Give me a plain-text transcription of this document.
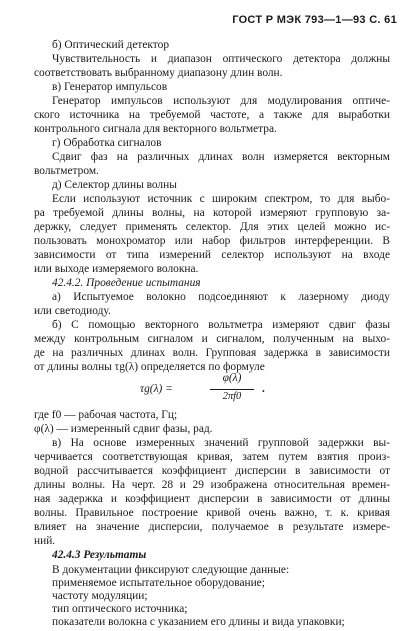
ГОСТ Р МЭК 793—1—93 С. 61

б) Оптический детектор

Чувствительность и диапазон оптического детектора должны

соответствовать выбранному диапазону длин волн.

в) Генератор импульсов

Генератор импульсов используют для модулирования оптиче-

ского источника на требуемой частоте, а также для выработки

контрольного сигнала для векторного вольтметра.

г) Обработка сигналов

Сдвиг фаз на различных длинах волн измеряется векторным

вольтметром.

д) Селектор длины волны

Если используют источник с широким спектром, то для выбо-

ра требуемой длины волны, на которой измеряют групповую за-

держку, следует применять селектор. Для этих целей можно ис-

пользовать монохроматор или набор фильтров интерференции. В

зависимости от типа измерений селектор используют на входе

или выходе измеряемого волокна.

42.4.2. Проведение испытания

а) Испытуемое волокно подсоединяют к лазерному диоду

или светодиоду.

б) С помощью векторного вольтметра измеряют сдвиг фазы

между контрольным сигналом и сигналом, полученным на выхо-

де на различных длинах волн. Групповая задержка в зависимости

от длины волны τg(λ) определяется по формуле

τg(λ) =
φ(λ)
2πf0
.

где f0 — рабочая частота, Гц;

φ(λ) — измеренный сдвиг фазы, рад.

в) На основе измеренных значений групповой задержки вы-

черчивается соответствующая кривая, затем путем взятия произ-

водной рассчитывается коэффициент дисперсии в зависимости от

длины волны. На черт. 28 и 29 изображена относительная времен-

ная задержка и коэффициент дисперсии в зависимости от длины

волны. Правильное построение кривой очень важно, т. к. кривая

влияет на значение дисперсии, получаемое в результате измере-

ний.

42.4.3 Результаты

В документации фиксируют следующие данные:

применяемое испытательное оборудование;

частоту модуляции;

тип оптического источника;

показатели волокна с указанием его длины и вида упаковки;
